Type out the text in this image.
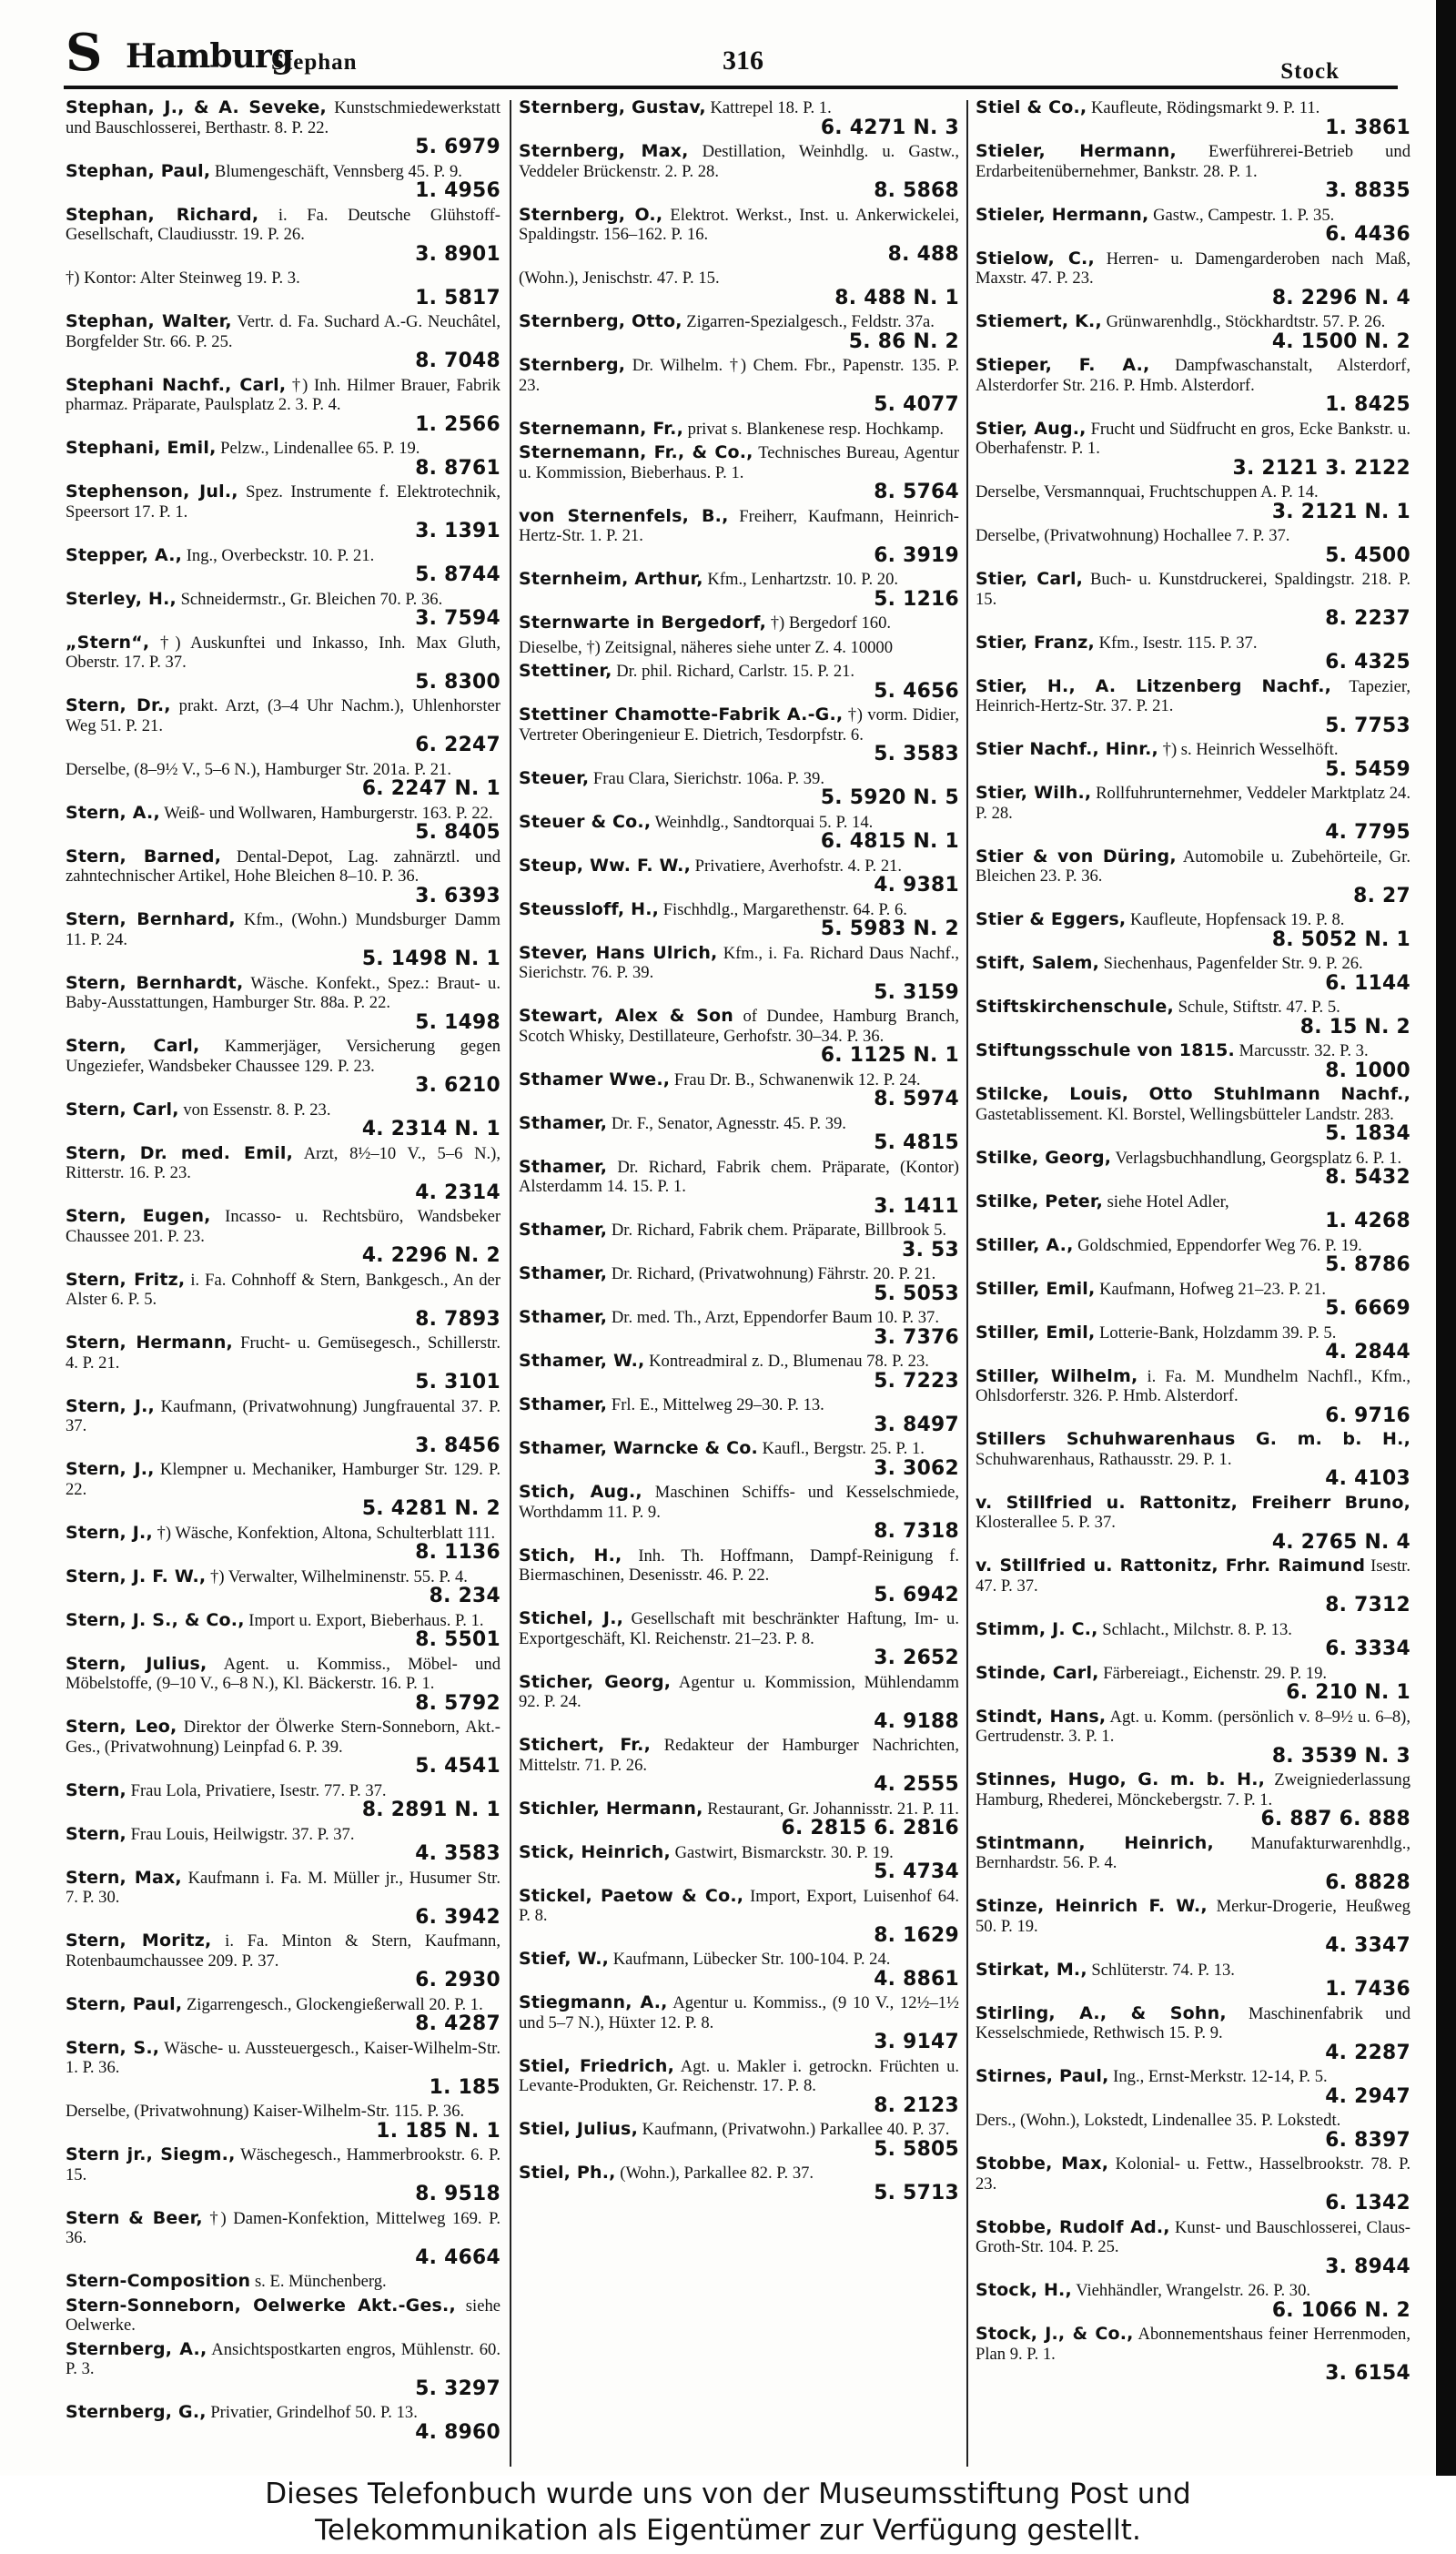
S Hamburg
Stephan	316	Stock
Stephan, J., & A. Seveke, Kunstschmiedewerkstatt und Bauschlosserei, Berthastr. 8. P. 22.
5. 6979
Stephan, Paul, Blumengeschäft, Vennsberg 45. P. 9.
1. 4956
Stephan, Richard, i. Fa. Deutsche Glühstoff-Gesellschaft, Claudiusstr. 19. P. 26.
3. 8901
†) Kontor: Alter Steinweg 19. P. 3.
1. 5817
Stephan, Walter, Vertr. d. Fa. Suchard A.-G. Neuchâtel, Borgfelder Str. 66. P. 25.
8. 7048
Stephani Nachf., Carl, †) Inh. Hilmer Brauer, Fabrik pharmaz. Präparate, Paulsplatz 2. 3. P. 4.
1. 2566
Stephani, Emil, Pelzw., Lindenallee 65. P. 19.
8. 8761
Stephenson, Jul., Spez. Instrumente f. Elektrotechnik, Speersort 17. P. 1.
3. 1391
Stepper, A., Ing., Overbeckstr. 10. P. 21.
5. 8744
Sterley, H., Schneidermstr., Gr. Bleichen 70. P. 36.
3. 7594
„Stern“, †) Auskunftei und Inkasso, Inh. Max Gluth, Oberstr. 17. P. 37.
5. 8300
Stern, Dr., prakt. Arzt, (3–4 Uhr Nachm.), Uhlenhorster Weg 51. P. 21.
6. 2247
Derselbe, (8–9½ V., 5–6 N.), Hamburger Str. 201a. P. 21.
6. 2247 N. 1
Stern, A., Weiß- und Wollwaren, Hamburgerstr. 163. P. 22.
5. 8405
Stern, Barned, Dental-Depot, Lag. zahnärztl. und zahntechnischer Artikel, Hohe Bleichen 8–10. P. 36.
3. 6393
Stern, Bernhard, Kfm., (Wohn.) Mundsburger Damm 11. P. 24.
5. 1498 N. 1
Stern, Bernhardt, Wäsche. Konfekt., Spez.: Braut- u. Baby-Ausstattungen, Hamburger Str. 88a. P. 22.
5. 1498
Stern, Carl, Kammerjäger, Versicherung gegen Ungeziefer, Wandsbeker Chaussee 129. P. 23.
3. 6210
Stern, Carl, von Essenstr. 8. P. 23.
4. 2314 N. 1
Stern, Dr. med. Emil, Arzt, 8½–10 V., 5–6 N.), Ritterstr. 16. P. 23.
4. 2314
Stern, Eugen, Incasso- u. Rechtsbüro, Wandsbeker Chaussee 201. P. 23.
4. 2296 N. 2
Stern, Fritz, i. Fa. Cohnhoff & Stern, Bankgesch., An der Alster 6. P. 5.
8. 7893
Stern, Hermann, Frucht- u. Gemüsegesch., Schillerstr. 4. P. 21.
5. 3101
Stern, J., Kaufmann, (Privatwohnung) Jungfrauental 37. P. 37.
3. 8456
Stern, J., Klempner u. Mechaniker, Hamburger Str. 129. P. 22.
5. 4281 N. 2
Stern, J., †) Wäsche, Konfektion, Altona, Schulterblatt 111.
8. 1136
Stern, J. F. W., †) Verwalter, Wilhelminenstr. 55. P. 4.
8. 234
Stern, J. S., & Co., Import u. Export, Bieberhaus. P. 1.
8. 5501
Stern, Julius, Agent. u. Kommiss., Möbel- und Möbelstoffe, (9–10 V., 6–8 N.), Kl. Bäckerstr. 16. P. 1.
8. 5792
Stern, Leo, Direktor der Ölwerke Stern-Sonneborn, Akt.-Ges., (Privatwohnung) Leinpfad 6. P. 39.
5. 4541
Stern, Frau Lola, Privatiere, Isestr. 77. P. 37.
8. 2891 N. 1
Stern, Frau Louis, Heilwigstr. 37. P. 37.
4. 3583
Stern, Max, Kaufmann i. Fa. M. Müller jr., Husumer Str. 7. P. 30.
6. 3942
Stern, Moritz, i. Fa. Minton & Stern, Kaufmann, Rotenbaumchaussee 209. P. 37.
6. 2930
Stern, Paul, Zigarrengesch., Glockengießerwall 20. P. 1.
8. 4287
Stern, S., Wäsche- u. Aussteuergesch., Kaiser-Wilhelm-Str. 1. P. 36.
1. 185
Derselbe, (Privatwohnung) Kaiser-Wilhelm-Str. 115. P. 36.
1. 185 N. 1
Stern jr., Siegm., Wäschegesch., Hammerbrookstr. 6. P. 15.
8. 9518
Stern & Beer, †) Damen-Konfektion, Mittelweg 169. P. 36.
4. 4664
Stern-Composition s. E. Münchenberg.
Stern-Sonneborn, Oelwerke Akt.-Ges., siehe Oelwerke.
Sternberg, A., Ansichtspostkarten engros, Mühlenstr. 60. P. 3.
5. 3297
Sternberg, G., Privatier, Grindelhof 50. P. 13.
4. 8960
Sternberg, Gustav, Kattrepel 18. P. 1.
6. 4271 N. 3
Sternberg, Max, Destillation, Weinhdlg. u. Gastw., Veddeler Brückenstr. 2. P. 28.
8. 5868
Sternberg, O., Elektrot. Werkst., Inst. u. Ankerwickelei, Spaldingstr. 156–162. P. 16.
8. 488
(Wohn.), Jenischstr. 47. P. 15.
8. 488 N. 1
Sternberg, Otto, Zigarren-Spezialgesch., Feldstr. 37a.
5. 86 N. 2
Sternberg, Dr. Wilhelm. †) Chem. Fbr., Papenstr. 135. P. 23.
5. 4077
Sternemann, Fr., privat s. Blankenese resp. Hochkamp.
Sternemann, Fr., & Co., Technisches Bureau, Agentur u. Kommission, Bieberhaus. P. 1.
8. 5764
von Sternenfels, B., Freiherr, Kaufmann, Heinrich-Hertz-Str. 1. P. 21.
6. 3919
Sternheim, Arthur, Kfm., Lenhartzstr. 10. P. 20.
5. 1216
Sternwarte in Bergedorf, †) Bergedorf 160.
Dieselbe, †) Zeitsignal, näheres siehe unter Z. 4. 10000
Stettiner, Dr. phil. Richard, Carlstr. 15. P. 21.
5. 4656
Stettiner Chamotte-Fabrik A.-G., †) vorm. Didier, Vertreter Oberingenieur E. Dietrich, Tesdorpfstr. 6.
5. 3583
Steuer, Frau Clara, Sierichstr. 106a. P. 39.
5. 5920 N. 5
Steuer & Co., Weinhdlg., Sandtorquai 5. P. 14.
6. 4815 N. 1
Steup, Ww. F. W., Privatiere, Averhofstr. 4. P. 21.
4. 9381
Steussloff, H., Fischhdlg., Margarethenstr. 64. P. 6.
5. 5983 N. 2
Stever, Hans Ulrich, Kfm., i. Fa. Richard Daus Nachf., Sierichstr. 76. P. 39.
5. 3159
Stewart, Alex & Son of Dundee, Hamburg Branch, Scotch Whisky, Destillateure, Gerhofstr. 30–34. P. 36.
6. 1125 N. 1
Sthamer Wwe., Frau Dr. B., Schwanenwik 12. P. 24.
8. 5974
Sthamer, Dr. F., Senator, Agnesstr. 45. P. 39.
5. 4815
Sthamer, Dr. Richard, Fabrik chem. Präparate, (Kontor) Alsterdamm 14. 15. P. 1.
3. 1411
Sthamer, Dr. Richard, Fabrik chem. Präparate, Billbrook 5.
3. 53
Sthamer, Dr. Richard, (Privatwohnung) Fährstr. 20. P. 21.
5. 5053
Sthamer, Dr. med. Th., Arzt, Eppendorfer Baum 10. P. 37.
3. 7376
Sthamer, W., Kontreadmiral z. D., Blumenau 78. P. 23.
5. 7223
Sthamer, Frl. E., Mittelweg 29–30. P. 13.
3. 8497
Sthamer, Warncke & Co. Kaufl., Bergstr. 25. P. 1.
3. 3062
Stich, Aug., Maschinen Schiffs- und Kesselschmiede, Worthdamm 11. P. 9.
8. 7318
Stich, H., Inh. Th. Hoffmann, Dampf-Reinigung f. Biermaschinen, Desenisstr. 46. P. 22.
5. 6942
Stichel, J., Gesellschaft mit beschränkter Haftung, Im- u. Exportgeschäft, Kl. Reichenstr. 21–23. P. 8.
3. 2652
Sticher, Georg, Agentur u. Kommission, Mühlendamm 92. P. 24.
4. 9188
Stichert, Fr., Redakteur der Hamburger Nachrichten, Mittelstr. 71. P. 26.
4. 2555
Stichler, Hermann, Restaurant, Gr. Johannisstr. 21. P. 11.
6. 2815 6. 2816
Stick, Heinrich, Gastwirt, Bismarckstr. 30. P. 19.
5. 4734
Stickel, Paetow & Co., Import, Export, Luisenhof 64. P. 8.
8. 1629
Stief, W., Kaufmann, Lübecker Str. 100-104. P. 24.
4. 8861
Stiegmann, A., Agentur u. Kommiss., (9 10 V., 12½–1½ und 5–7 N.), Hüxter 12. P. 8.
3. 9147
Stiel, Friedrich, Agt. u. Makler i. getrockn. Früchten u. Levante-Produkten, Gr. Reichenstr. 17. P. 8.
8. 2123
Stiel, Julius, Kaufmann, (Privatwohn.) Parkallee 40. P. 37.
5. 5805
Stiel, Ph., (Wohn.), Parkallee 82. P. 37.
5. 5713
Stiel & Co., Kaufleute, Rödingsmarkt 9. P. 11.
1. 3861
Stieler, Hermann, Ewerführerei-Betrieb und Erdarbeitenübernehmer, Bankstr. 28. P. 1.
3. 8835
Stieler, Hermann, Gastw., Campestr. 1. P. 35.
6. 4436
Stielow, C., Herren- u. Damengarderoben nach Maß, Maxstr. 47. P. 23.
8. 2296 N. 4
Stiemert, K., Grünwarenhdlg., Stöckhardtstr. 57. P. 26.
4. 1500 N. 2
Stieper, F. A., Dampfwaschanstalt, Alsterdorf, Alsterdorfer Str. 216. P. Hmb. Alsterdorf.
1. 8425
Stier, Aug., Frucht und Südfrucht en gros, Ecke Bankstr. u. Oberhafenstr. P. 1.
3. 2121 3. 2122
Derselbe, Versmannquai, Fruchtschuppen A. P. 14.
3. 2121 N. 1
Derselbe, (Privatwohnung) Hochallee 7. P. 37.
5. 4500
Stier, Carl, Buch- u. Kunstdruckerei, Spaldingstr. 218. P. 15.
8. 2237
Stier, Franz, Kfm., Isestr. 115. P. 37.
6. 4325
Stier, H., A. Litzenberg Nachf., Tapezier, Heinrich-Hertz-Str. 37. P. 21.
5. 7753
Stier Nachf., Hinr., †) s. Heinrich Wesselhöft.
5. 5459
Stier, Wilh., Rollfuhrunternehmer, Veddeler Marktplatz 24. P. 28.
4. 7795
Stier & von Düring, Automobile u. Zubehörteile, Gr. Bleichen 23. P. 36.
8. 27
Stier & Eggers, Kaufleute, Hopfensack 19. P. 8.
8. 5052 N. 1
Stift, Salem, Siechenhaus, Pagenfelder Str. 9. P. 26.
6. 1144
Stiftskirchenschule, Schule, Stiftstr. 47. P. 5.
8. 15 N. 2
Stiftungsschule von 1815. Marcusstr. 32. P. 3.
8. 1000
Stilcke, Louis, Otto Stuhlmann Nachf., Gastetablissement. Kl. Borstel, Wellingsbütteler Landstr. 283.
5. 1834
Stilke, Georg, Verlagsbuchhandlung, Georgsplatz 6. P. 1.
8. 5432
Stilke, Peter, siehe Hotel Adler,
1. 4268
Stiller, A., Goldschmied, Eppendorfer Weg 76. P. 19.
5. 8786
Stiller, Emil, Kaufmann, Hofweg 21–23. P. 21.
5. 6669
Stiller, Emil, Lotterie-Bank, Holzdamm 39. P. 5.
4. 2844
Stiller, Wilhelm, i. Fa. M. Mundhelm Nachfl., Kfm., Ohlsdorferstr. 326. P. Hmb. Alsterdorf.
6. 9716
Stillers Schuhwarenhaus G. m. b. H., Schuhwarenhaus, Rathausstr. 29. P. 1.
4. 4103
v. Stillfried u. Rattonitz, Freiherr Bruno, Klosterallee 5. P. 37.
4. 2765 N. 4
v. Stillfried u. Rattonitz, Frhr. Raimund Isestr. 47. P. 37.
8. 7312
Stimm, J. C., Schlacht., Milchstr. 8. P. 13.
6. 3334
Stinde, Carl, Färbereiagt., Eichenstr. 29. P. 19.
6. 210 N. 1
Stindt, Hans, Agt. u. Komm. (persönlich v. 8–9½ u. 6–8), Gertrudenstr. 3. P. 1.
8. 3539 N. 3
Stinnes, Hugo, G. m. b. H., Zweigniederlassung Hamburg, Rhederei, Mönckebergstr. 7. P. 1.
6. 887 6. 888
Stintmann, Heinrich, Manufakturwarenhdlg., Bernhardstr. 56. P. 4.
6. 8828
Stinze, Heinrich F. W., Merkur-Drogerie, Heußweg 50. P. 19.
4. 3347
Stirkat, M., Schlüterstr. 74. P. 13.
1. 7436
Stirling, A., & Sohn, Maschinenfabrik und Kesselschmiede, Rethwisch 15. P. 9.
4. 2287
Stirnes, Paul, Ing., Ernst-Merkstr. 12-14, P. 5.
4. 2947
Ders., (Wohn.), Lokstedt, Lindenallee 35. P. Lokstedt.
6. 8397
Stobbe, Max, Kolonial- u. Fettw., Hasselbrookstr. 78. P. 23.
6. 1342
Stobbe, Rudolf Ad., Kunst- und Bauschlosserei, Claus-Groth-Str. 104. P. 25.
3. 8944
Stock, H., Viehhändler, Wrangelstr. 26. P. 30.
6. 1066 N. 2
Stock, J., & Co., Abonnementshaus feiner Herrenmoden, Plan 9. P. 1.
3. 6154
Dieses Telefonbuch wurde uns von der Museumsstiftung Post und
Telekommunikation als Eigentümer zur Verfügung gestellt.
